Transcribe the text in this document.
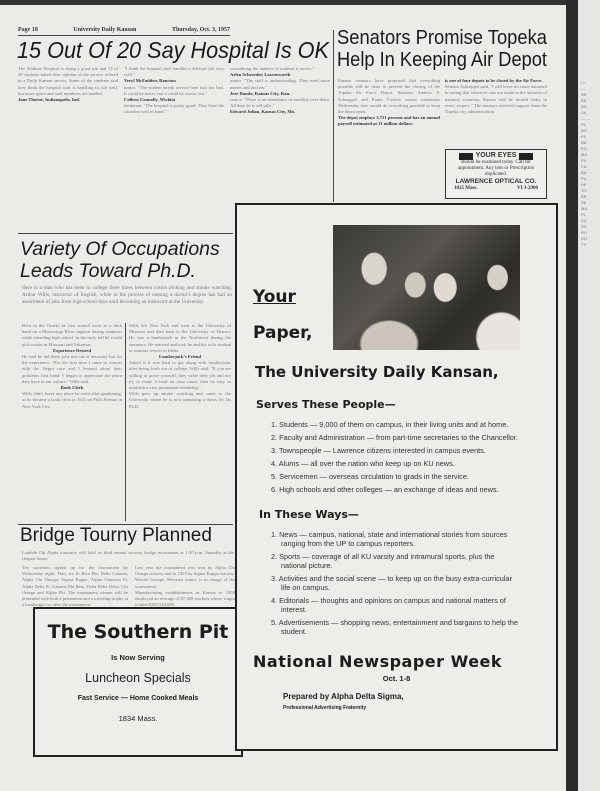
▪ ▪
—
BR
BE
DA
DA
— —
PL
NO
PE
BA
RO
MA
PU
CA
BA
FU
HE
TO
BR
SE
MA
PL
SU
TH
RO
DO
TY
Page 18	University Daily Kansan	Thursday, Oct. 3, 1957
15 Out Of 20 Say Hospital Is OK

The Watkins Hospital is doing a good job and 15 of 20 students asked their opinion of the service offered in a Daily Kansan survey. Some of the students said they think the hospital staff is handling its job well, but more space and staff members are needed.

Jane Thorne, Indianapolis, Ind.

"I think the hospital staff handles a difficult job very well."

Veryl McFadden, Rancton

junior: "The student health service here isn't too bad. It could be better, but it could be worse, too."

Colleen Connolly, Wichita

freshman: "The hospital is pretty good. They have the situation well in hand."

considering the number of students it serves."

Arlen Schroeder, Leavenworth

junior: "The staff is understanding. They need more nurses and doctors."

Jere Dando, Kansas City, Kan.

senior: "There is an abundance of mobility over there. All they do is sell pills."

Edward Julian, Kansas City, Mo.

Senators Promise Topeka
Help In Keeping Air Depot

Kansas senators have promised that everything possible will be done to prevent the closing of the Topeka Air Force Depot. Senators Andrew F. Schoeppel and Frank Carlson issued statements Wednesday they would do everything possible to keep the depot open.

The depot employs 3,721 persons and has an annual payroll estimated at 11 million dollars.

is one of four depots to be closed by the Air Force.

Senator Schoeppel said, "I will leave no stone unturned in seeing that whatever cuts are made in the interests of national economy, Kansas will be treated fairly in every respect." The senators received support from the Topeka city administration.

YOUR EYES
should be examined today. Call for appointment. Any lens or Prescription duplicated.
LAWRENCE OPTICAL CO.
1025 Mass.	VI 3-2900
Variety Of Occupations
Leads Toward Ph.D.
Here is a man who has been to college three times between cotton picking and smoke watching. Arthur Wills, instructor of English, while in the process of earning a doctor's degree has had an assortment of jobs from high school days until becoming an instructor at the University.

Born in the Ozarks he first started work as a deck hand on a Mississippi River tugboat during summers while attending high school. In the early fall he would pick cotton in Missouri and Arkansas.

Experience Desired

He said he did these jobs not out of necessity but for the experience. "For the first time I came in contact with the Negro race and I learned about their problems first hand. I began to appreciate the place they have in our culture," Wills said.

Book Clerk

Wills didn't leave any place he went after graduating, as he became a book clerk in 1941 on Fifth Avenue in New York City.

Wills left New York and went to the University of Missouri and then back to the University of Denver. He was a lumberjack in the Northwest during the summers. He married and took he and his wife worked in summer resorts in Idaho.

Lumberjack's Friend

Asked if it was hard to get along with lumberjacks after being fresh out of college, Wills said, "If you are willing to prove yourself, they value their job and not try to make it hard on your route, then its easy to establish a very permanent friendship."

Wills gave up smoke watching and came to the University where he is now preparing a thesis for his Ph.D.

Bridge Tourny Planned
Lambda Chi Alpha fraternity will hold its third annual sorority bridge tournament at 1:30 p.m. Saturday at the chapter house.
Ten sororities signed up for the tournament by Wednesday night. They are Pi Beta Phi, Delta Gamma, Alpha Chi Omega, Sigma Kappa, Alpha Omicron Pi, Alpha Delta Pi, Gamma Phi Beta, Delta Delta Delta, Chi Omega and Alpha Phi. The tournament winner will be presented with both a permanent and a traveling trophy at a hamburger fry after the tournament.

Last year the tournament was won by Alpha Chi Omega sorority and in 1955 by Sigma Kappa sorority. Warren George, Merriam senior, is in charge of the tournament.

Manufacturing establishments in Kansas in 1950 employed an average of 87,389 workers whose wages totaled $282,525,000.

The Southern Pit
Is Now Serving
Luncheon Specials
Fast Service — Home Cooked Meals
1834 Mass.
Your
Paper,
The University Daily Kansan,
Serves These People—
1. Students — 9,000 of them on campus, in their living units and at home.
2. Faculty and Administration — from part-time secretaries to the Chancellor.
3. Townspeople — Lawrence citizens interested in campus events.
4. Alums — all over the nation who keep up on KU news.
5. Servicemen — overseas circulation to grads in the service.
6. High schools and other colleges — an exchange of ideas and news.
In These Ways—
1. News — campus, national, state and international stories from sources ranging from the UP to campus reporters.
2. Sports — coverage of all KU varsity and intramural sports, plus the national picture.
3. Activities and the social scene — to keep up on the busy extra-curricular life on campus.
4. Editorials — thoughts and opinions on campus and national matters of interest.
5. Advertisements — shopping news, entertainment and bargains to help the student.
National Newspaper Week
Oct. 1-8
Prepared by Alpha Delta Sigma,
Professional Advertising Fraternity
